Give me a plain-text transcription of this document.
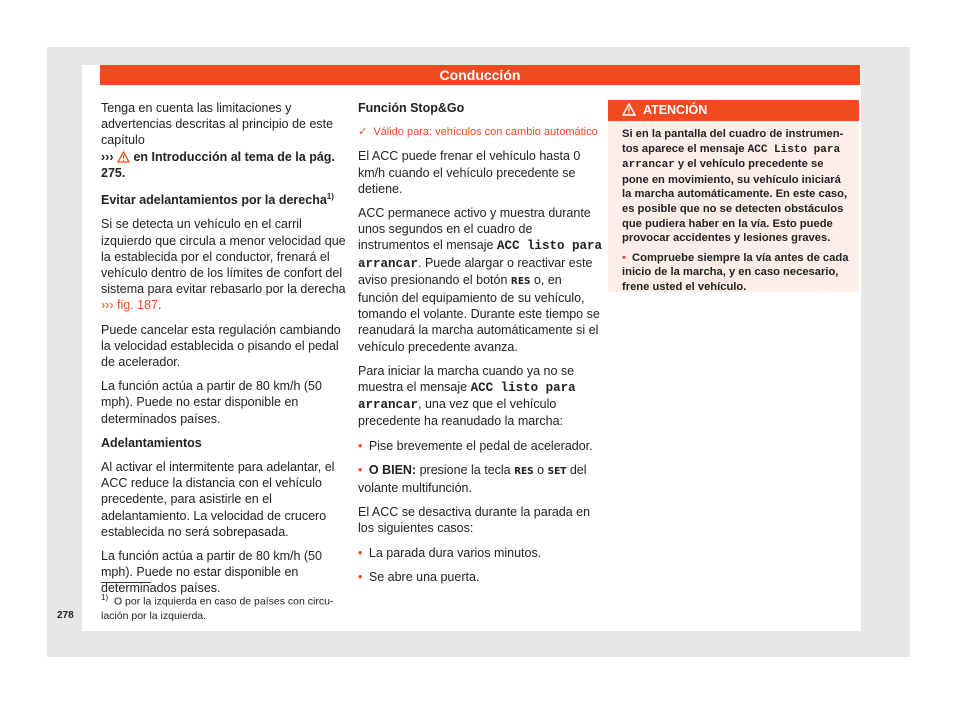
Conducción

Tenga en cuenta las limitaciones y advertencias descritas al principio de este capítulo
››› en Introducción al tema de la pág. 275.

Evitar adelantamientos por la derecha$^{1)}$

Si se detecta un vehículo en el carril izquierdo que circula a menor velocidad que la establecida por el conductor, frenará el vehículo dentro de los límites de confort del sistema para evitar rebasarlo por la derecha
››› fig. 187.

Puede cancelar esta regulación cambiando la velocidad establecida o pisando el pedal de acelerador.

La función actúa a partir de 80 km/h (50 mph). Puede no estar disponible en determinados países.

Adelantamientos

Al activar el intermitente para adelantar, el ACC reduce la distancia con el vehículo precedente, para asistirle en el adelantamiento. La velocidad de crucero establecida no será sobrepasada.

La función actúa a partir de 80 km/h (50 mph). Puede no estar disponible en determinados países.

Función Stop&Go

✓ Válido para: vehículos con cambio automático

El ACC puede frenar el vehículo hasta 0 km/h cuando el vehículo precedente se detiene.

ACC permanece activo y muestra durante unos segundos en el cuadro de instrumentos el mensaje ACC listo para arrancar. Puede alargar o reactivar este aviso presionando el botón RES o, en función del equipamiento de su vehículo, tomando el volante. Durante este tiempo se reanudará la marcha automáticamente si el vehículo precedente avanza.

Para iniciar la marcha cuando ya no se muestra el mensaje ACC listo para arrancar, una vez que el vehículo precedente ha reanudado la marcha:

• Pise brevemente el pedal de acelerador.

• O BIEN: presione la tecla RES o SET del volante multifunción.

El ACC se desactiva durante la parada en los siguientes casos:

• La parada dura varios minutos.

• Se abre una puerta.

ATENCIÓN

Si en la pantalla del cuadro de instrumentos aparece el mensaje ACC Listo para arrancar y el vehículo precedente se pone en movimiento, su vehículo iniciará la marcha automáticamente. En este caso, es posible que no se detecten obstáculos que pudiera haber en la vía. Esto puede provocar accidentes y lesiones graves.

• Compruebe siempre la vía antes de cada inicio de la marcha, y en caso necesario, frene usted el vehículo.

$^{1)}$ O por la izquierda en caso de países con circulación por la izquierda.
278
